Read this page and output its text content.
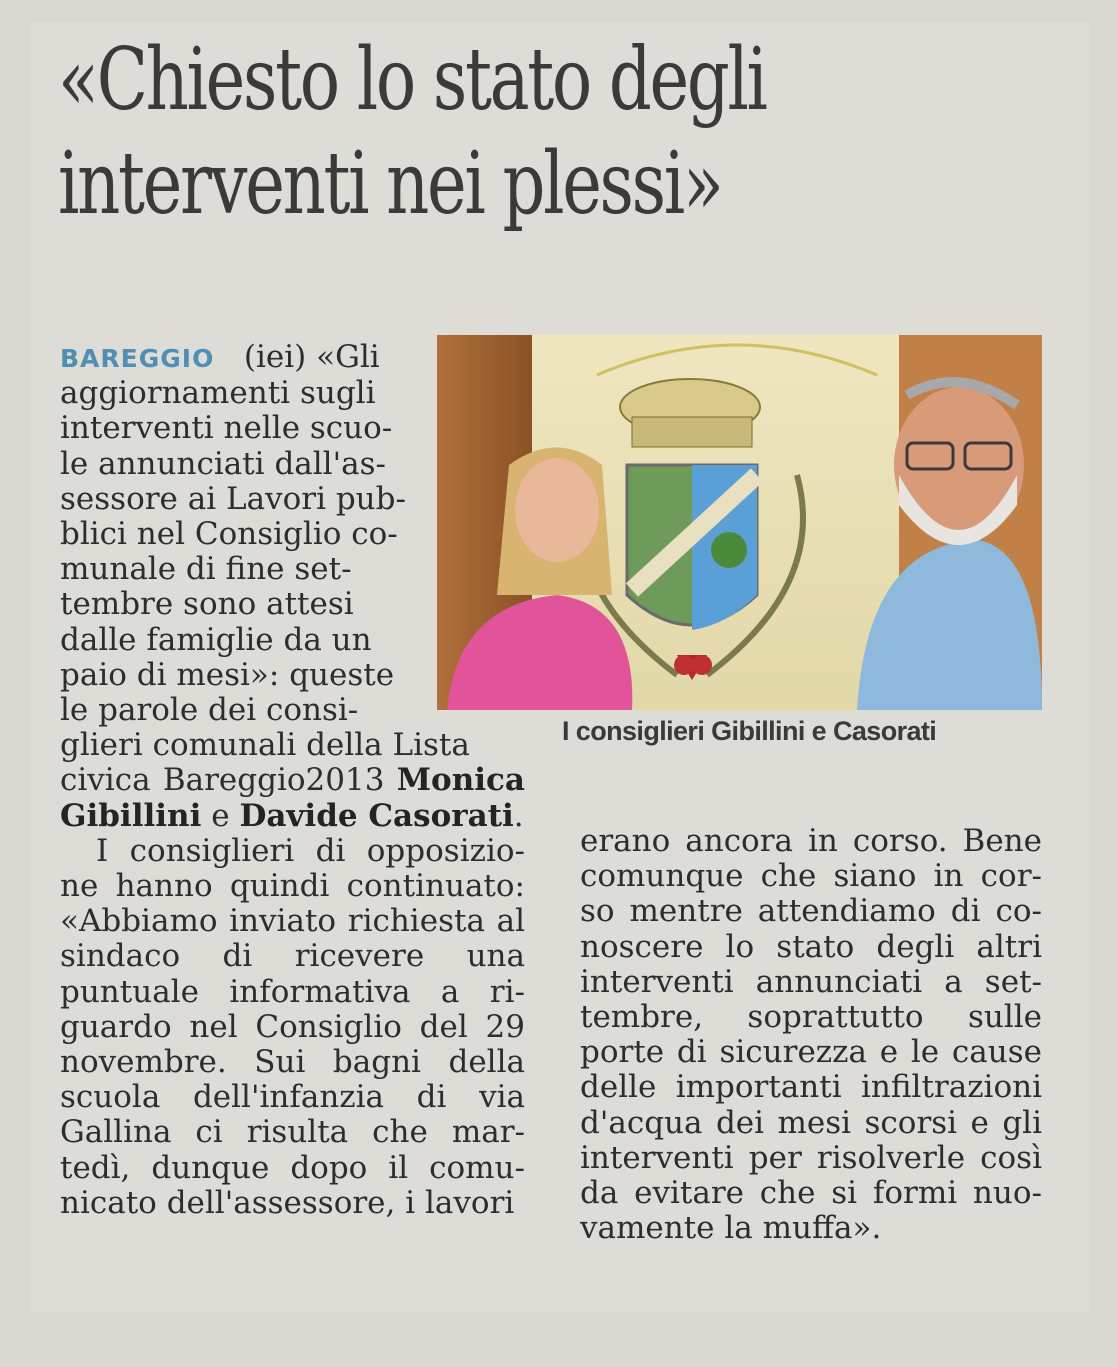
«Chiesto lo stato degli
interventi nei plessi»
I consiglieri Gibillini e Casorati

BAREGGIO (iei) «Gli
aggiornamenti sugli
interventi nelle scuo-
le annunciati dall'as-
sessore ai Lavori pub-
blici nel Consiglio co-
munale di fine set-
tembre sono attesi
dalle famiglie da un
paio di mesi»: queste
le parole dei consi-

glieri comunali della Lista
civica Bareggio2013 Monica Gibillini e Davide Casorati.

I consiglieri di opposizio-ne hanno quindi continuato: «Abbiamo inviato richiesta al sindaco di ricevere una puntuale informativa a ri-guardo nel Consiglio del 29 novembre. Sui bagni della scuola dell'infanzia di via Gallina ci risulta che mar-tedì, dunque dopo il comu-nicato dell'assessore, i lavori

erano ancora in corso. Bene comunque che siano in cor-so mentre attendiamo di co-noscere lo stato degli altri interventi annunciati a set-tembre, soprattutto sulle porte di sicurezza e le cause delle importanti infiltrazioni d'acqua dei mesi scorsi e gli interventi per risolverle così da evitare che si formi nuo-vamente la muffa».
